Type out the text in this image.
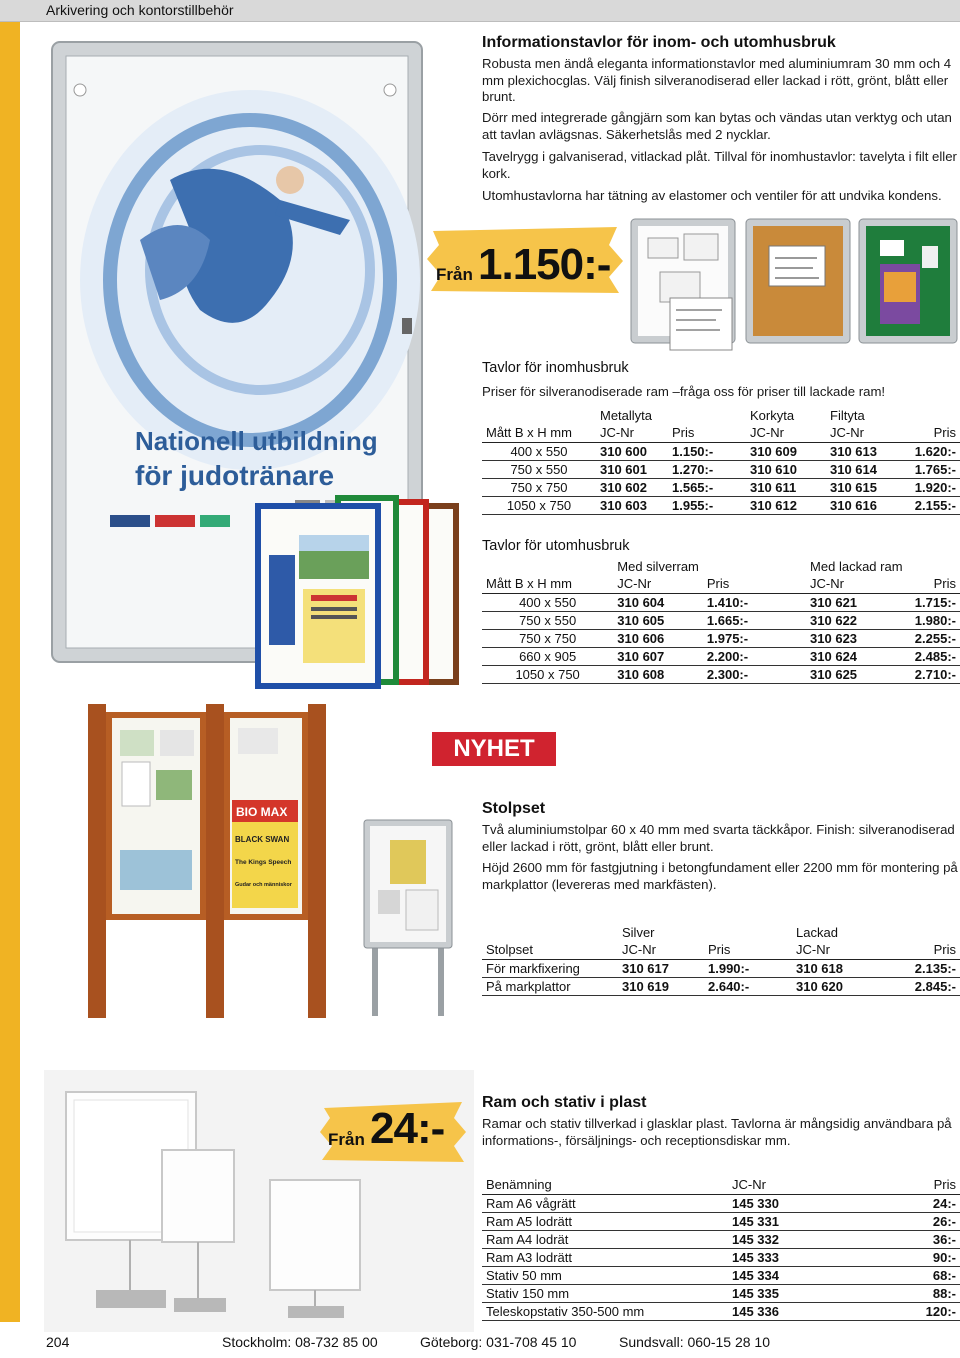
Arkivering och kontorstillbehör
Nationell utbildning
för judotränare
Informationstavlor för inom- och utomhusbruk

Robusta men ändå eleganta informationstavlor med aluminiumram 30 mm och 4 mm plexichocglas. Välj finish silveranodiserad eller lackad i rött, grönt, blått eller brunt.

Dörr med integrerade gångjärn som kan bytas och vändas utan verktyg och utan att tavlan avlägsnas. Säkerhetslås med 2 nycklar.

Tavelrygg i galvaniserad, vitlackad plåt. Tillval för inomhustavlor: tavelyta i filt eller kork.

Utomhustavlorna har tätning av elastomer och ventiler för att undvika kondens.

Från 1.150:-
Tavlor för inomhusbruk

Priser för silveranodiserade ram –fråga oss för priser till lackade ram!

	Metallyta		Korkyta	Filtyta	
Mått B x H mm	JC-Nr	Pris	JC-Nr	JC-Nr	Pris
400 x 550	310 600	1.150:-	310 609	310 613	1.620:-
750 x 550	310 601	1.270:-	310 610	310 614	1.765:-
750 x 750	310 602	1.565:-	310 611	310 615	1.920:-
1050 x 750	310 603	1.955:-	310 612	310 616	2.155:-
Tavlor för utomhusbruk
	Med silverram		Med lackad ram	
Mått B x H mm	JC-Nr	Pris	JC-Nr	Pris
400 x 550	310 604	1.410:-	310 621	1.715:-
750 x 550	310 605	1.665:-	310 622	1.980:-
750 x 750	310 606	1.975:-	310 623	2.255:-
660 x 905	310 607	2.200:-	310 624	2.485:-
1050 x 750	310 608	2.300:-	310 625	2.710:-
BIO MAX
BLACK SWAN
The Kings Speech
Gudar och människor
NYHET
Stolpset

Två aluminiumstolpar 60 x 40 mm med svarta täckkåpor. Finish: silveranodiserad eller lackad i rött, grönt, blått eller brunt.

Höjd 2600 mm för fastgjutning i betongfundament eller 2200 mm för montering på markplattor (levereras med markfästen).

	Silver		Lackad	
Stolpset	JC-Nr	Pris	JC-Nr	Pris
För markfixering	310 617	1.990:-	310 618	2.135:-
På markplattor	310 619	2.640:-	310 620	2.845:-
Från 24:-
Ram och stativ i plast

Ramar och stativ tillverkad i glasklar plast. Tavlorna är mångsidig användbara på informations-, försäljnings- och receptionsdiskar mm.

Benämning	JC-Nr	Pris
Ram A6 vågrätt	145 330	24:-
Ram A5 lodrätt	145 331	26:-
Ram A4 lodrät	145 332	36:-
Ram A3 lodrätt	145 333	90:-
Stativ 50 mm	145 334	68:-
Stativ 150 mm	145 335	88:-
Teleskopstativ 350-500 mm	145 336	120:-
204	Stockholm: 08-732 85 00	Göteborg: 031-708 45 10	Sundsvall: 060-15 28 10
